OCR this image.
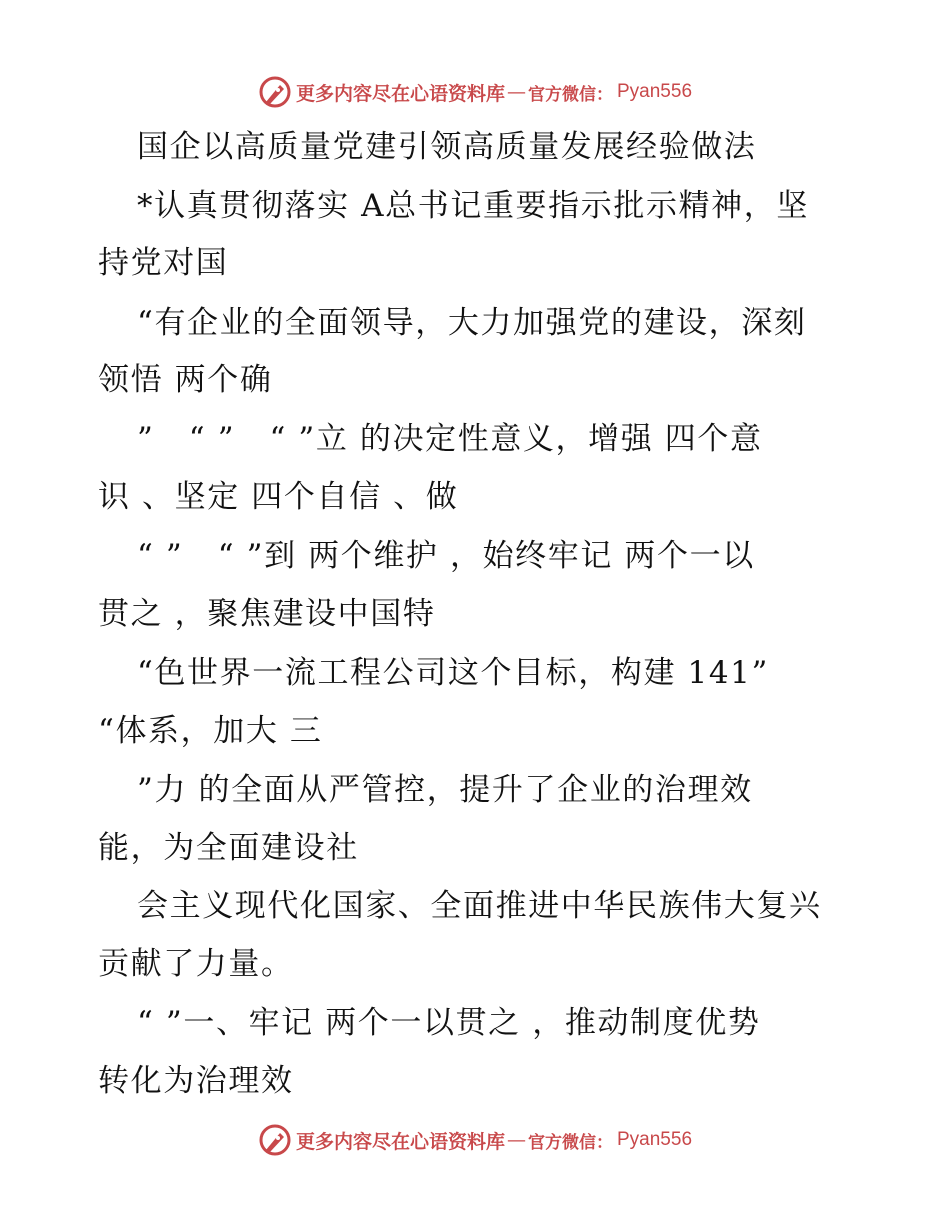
更多内容尽在心语资料库 — 官方微信： Pyan556

国企以高质量党建引领高质量发展经验做法

*认真贯彻落实 A总书记重要指示批示精神，坚

持党对国

“有企业的全面领导，大力加强党的建设，深刻

领悟 两个确

”   “ ”   “ ”立 的决定性意义，增强 四个意

识 、坚定 四个自信 、做

“ ”   “ ”到 两个维护 ，始终牢记 两个一以

贯之 ，聚焦建设中国特

“色世界一流工程公司这个目标，构建 141”

“体系，加大 三

”力 的全面从严管控，提升了企业的治理效

能，为全面建设社

会主义现代化国家、全面推进中华民族伟大复兴

贡献了力量。

“ ”一、牢记 两个一以贯之 ，推动制度优势

转化为治理效

更多内容尽在心语资料库 — 官方微信： Pyan556
